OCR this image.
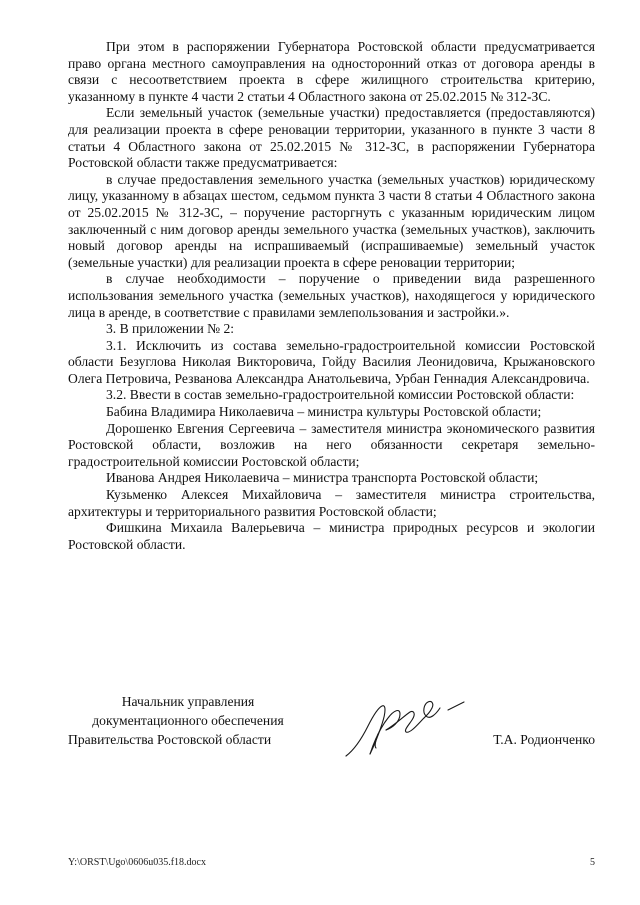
При этом в распоряжении Губернатора Ростовской области предусматривается право органа местного самоуправления на односторонний отказ от договора аренды в связи с несоответствием проекта в сфере жилищного строительства критерию, указанному в пункте 4 части 2 статьи 4 Областного закона от 25.02.2015 № 312-ЗС.

Если земельный участок (земельные участки) предоставляется (предоставляются) для реализации проекта в сфере реновации территории, указанного в пункте 3 части 8 статьи 4 Областного закона от 25.02.2015 № 312-ЗС, в распоряжении Губернатора Ростовской области также предусматривается:

в случае предоставления земельного участка (земельных участков) юридическому лицу, указанному в абзацах шестом, седьмом пункта 3 части 8 статьи 4 Областного закона от 25.02.2015 № 312-ЗС, – поручение расторгнуть с указанным юридическим лицом заключенный с ним договор аренды земельного участка (земельных участков), заключить новый договор аренды на испрашиваемый (испрашиваемые) земельный участок (земельные участки) для реализации проекта в сфере реновации территории;

в случае необходимости – поручение о приведении вида разрешенного использования земельного участка (земельных участков), находящегося у юридического лица в аренде, в соответствие с правилами землепользования и застройки.».

3. В приложении № 2:

3.1. Исключить из состава земельно-градостроительной комиссии Ростовской области Безуглова Николая Викторовича, Гойду Василия Леонидовича, Крыжановского Олега Петровича, Резванова Александра Анатольевича, Урбан Геннадия Александровича.

3.2. Ввести в состав земельно-градостроительной комиссии Ростовской области:

Бабина Владимира Николаевича – министра культуры Ростовской области;

Дорошенко Евгения Сергеевича – заместителя министра экономического развития Ростовской области, возложив на него обязанности секретаря земельно-градостроительной комиссии Ростовской области;

Иванова Андрея Николаевича – министра транспорта Ростовской области;

Кузьменко Алексея Михайловича – заместителя министра строительства, архитектуры и территориального развития Ростовской области;

Фишкина Михаила Валерьевича – министра природных ресурсов и экологии Ростовской области.

Начальник управления
документационного обеспечения
Правительства Ростовской области	Т.А. Родионченко
Y:\ORST\Ugo\0606u035.f18.docx	5
